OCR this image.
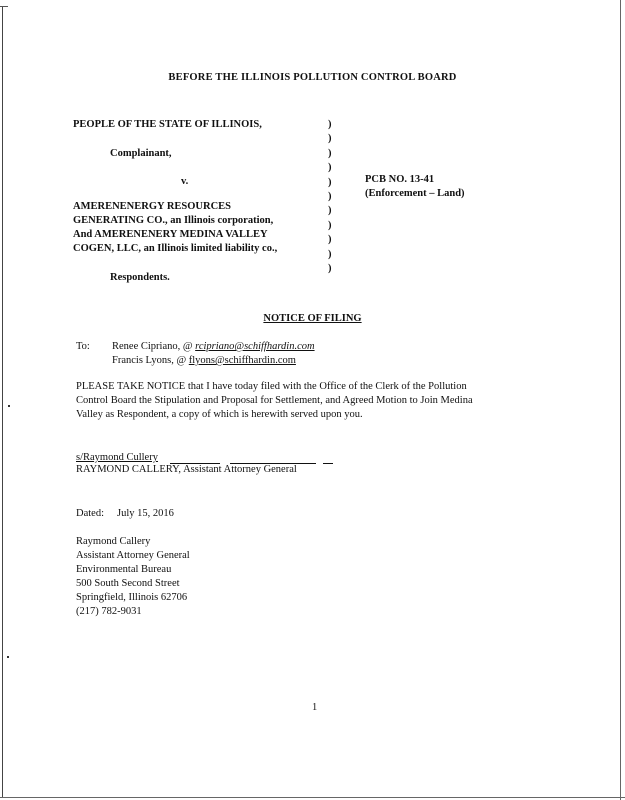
BEFORE THE ILLINOIS POLLUTION CONTROL BOARD
PEOPLE OF THE STATE OF ILLINOIS,
Complainant,
v.
AMERENENERGY RESOURCES
GENERATING CO., an Illinois corporation,
And AMERENENERY MEDINA VALLEY
COGEN, LLC, an Illinois limited liability co.,
Respondents.
)
)
)
)
)
)
)
)
)
)
)
PCB NO. 13-41
(Enforcement – Land)
NOTICE OF FILING
To: Renee Cipriano, @ rcipriano@schiffhardin.com
Francis Lyons, @ flyons@schiffhardin.com
PLEASE TAKE NOTICE that I have today filed with the Office of the Clerk of the Pollution
Control Board the Stipulation and Proposal for Settlement, and Agreed Motion to Join Medina
Valley as Respondent, a copy of which is herewith served upon you.
s/Raymond Cullery
RAYMOND CALLERY, Assistant Attorney General
Dated: July 15, 2016
Raymond Callery
Assistant Attorney General
Environmental Bureau
500 South Second Street
Springfield, Illinois 62706
(217) 782-9031
1
